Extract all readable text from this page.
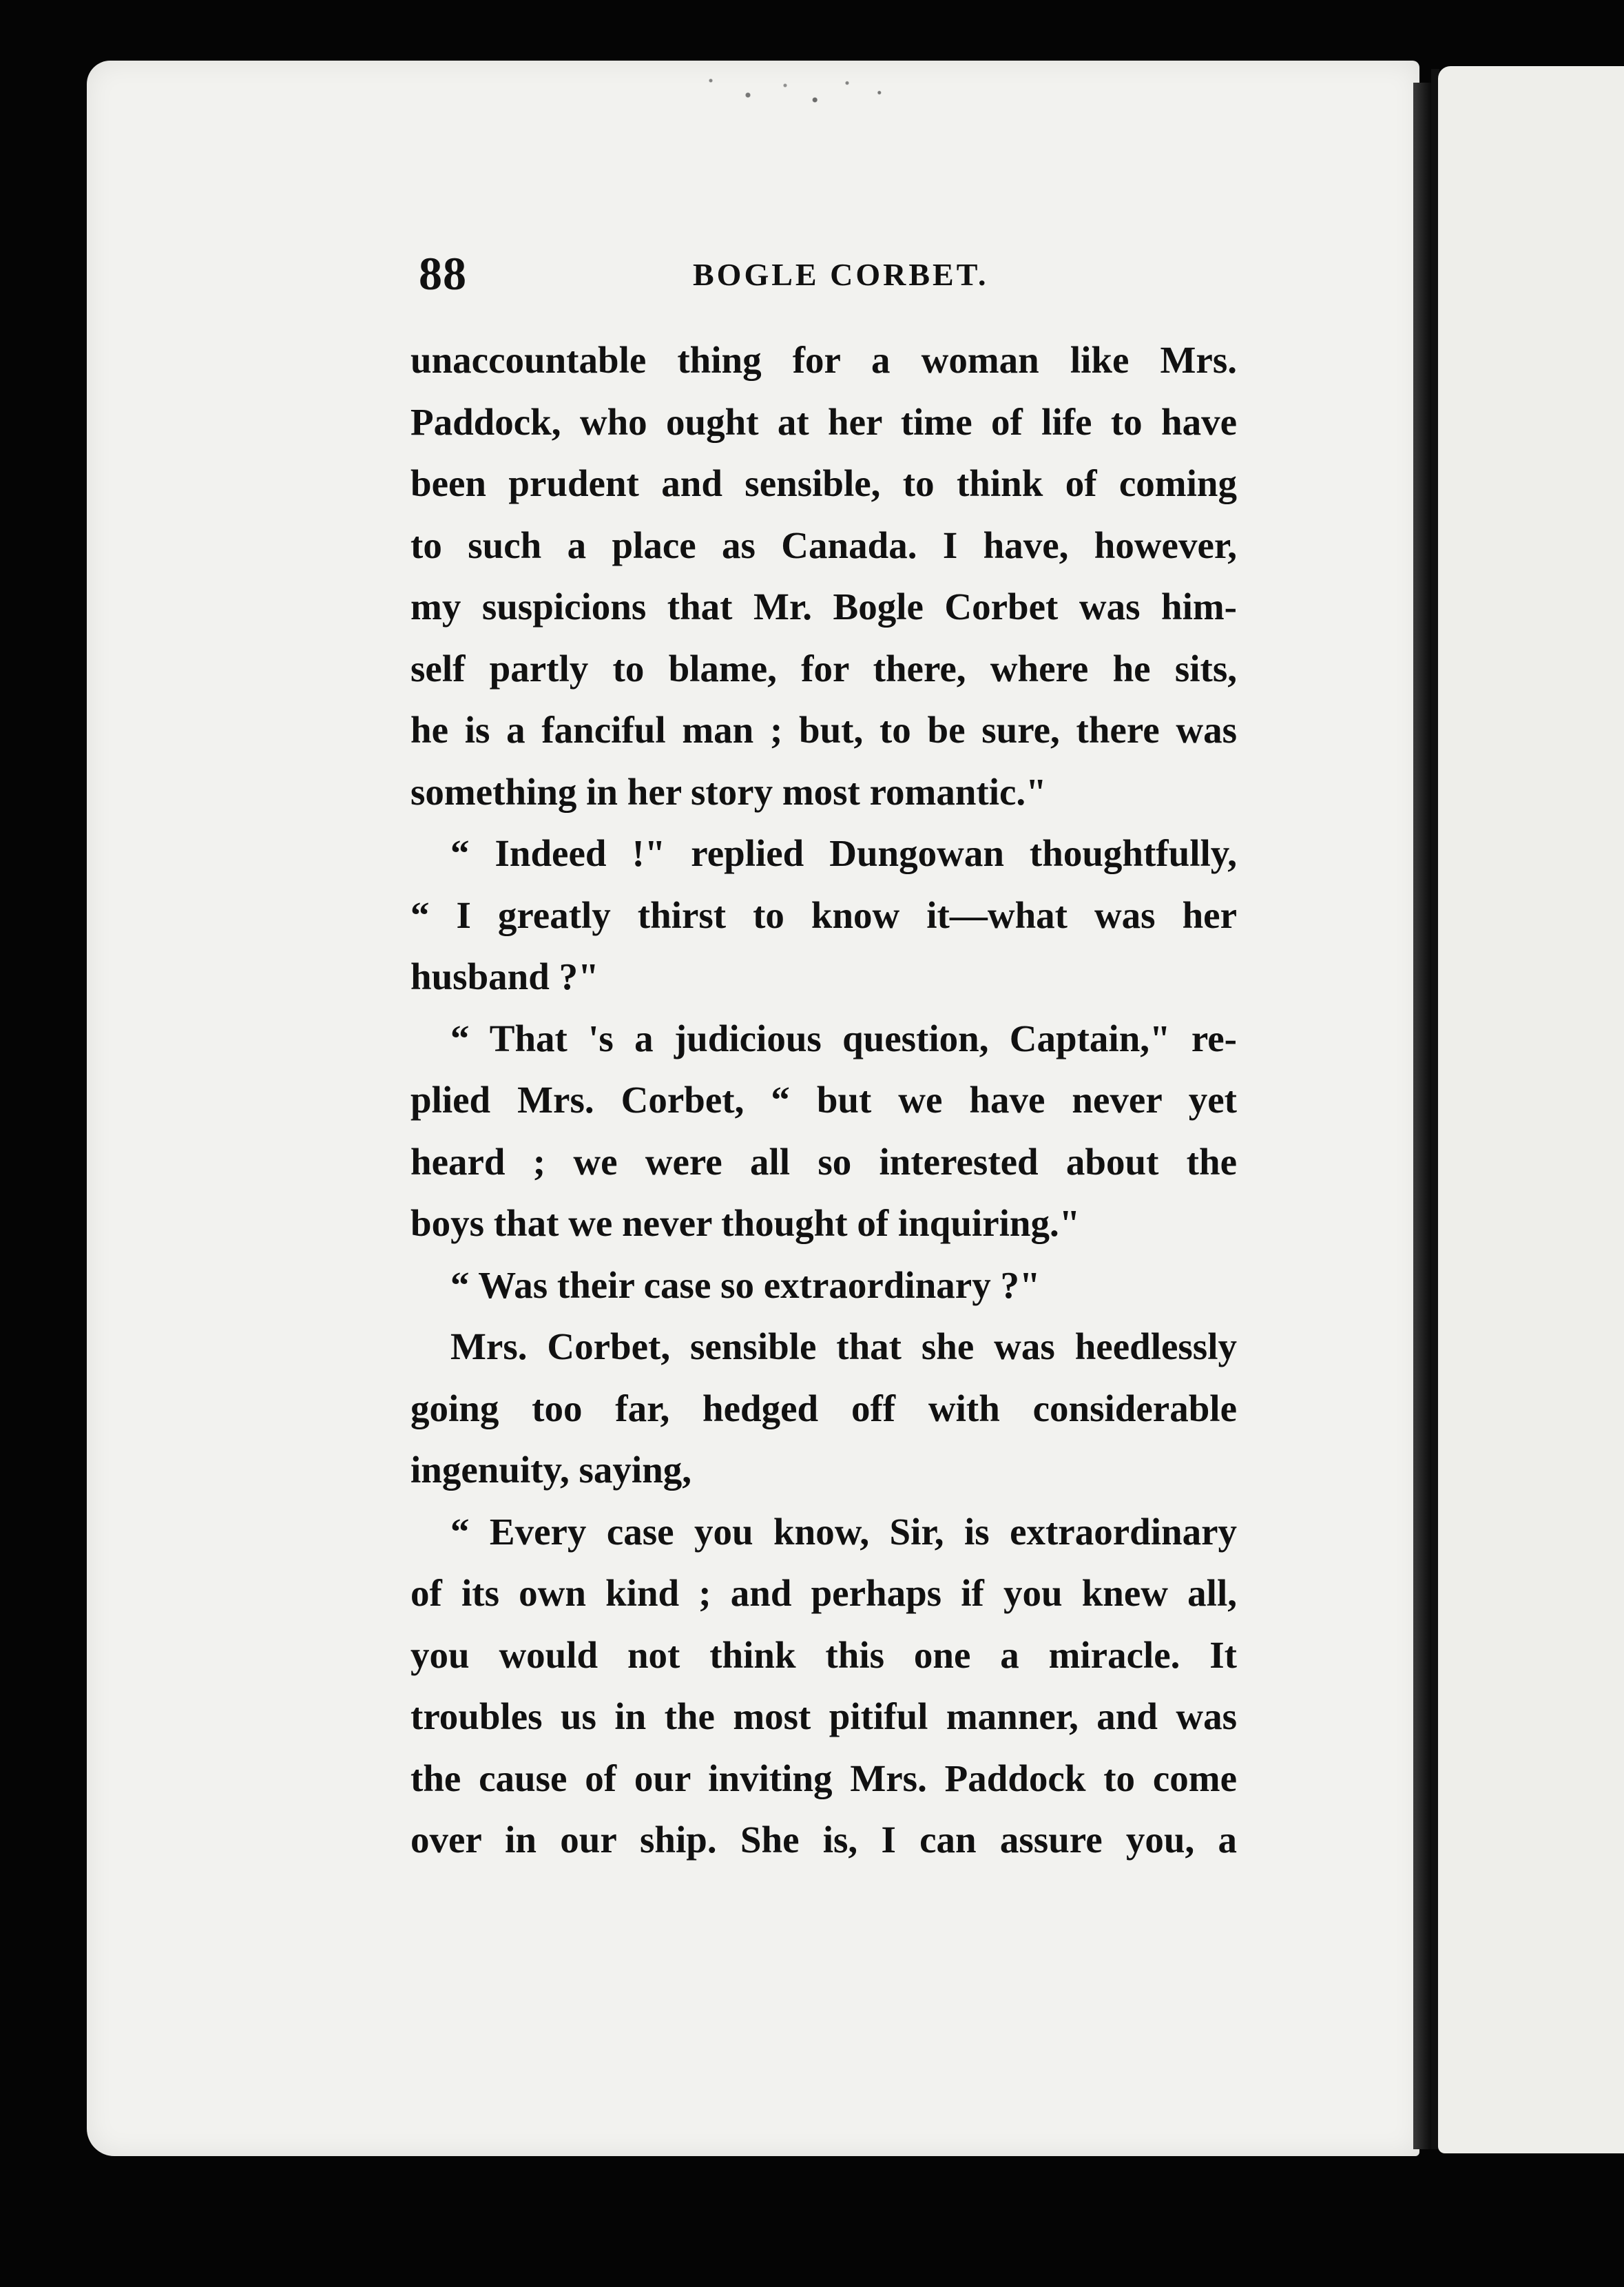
88	BOGLE CORBET.
unaccountable thing for a woman like Mrs.
Paddock, who ought at her time of life to have
been prudent and sensible, to think of coming
to such a place as Canada. I have, however,
my suspicions that Mr. Bogle Corbet was him-
self partly to blame, for there, where he sits,
he is a fanciful man ; but, to be sure, there was
something in her story most romantic."
“ Indeed !" replied Dungowan thoughtfully,
“ I greatly thirst to know it—what was her
husband ?"
“ That 's a judicious question, Captain," re-
plied Mrs. Corbet, “ but we have never yet
heard ; we were all so interested about the
boys that we never thought of inquiring."
“ Was their case so extraordinary ?"
Mrs. Corbet, sensible that she was heedlessly
going too far, hedged off with considerable
ingenuity, saying,
“ Every case you know, Sir, is extraordinary
of its own kind ; and perhaps if you knew all,
you would not think this one a miracle. It
troubles us in the most pitiful manner, and was
the cause of our inviting Mrs. Paddock to come
over in our ship. She is, I can assure you, a
